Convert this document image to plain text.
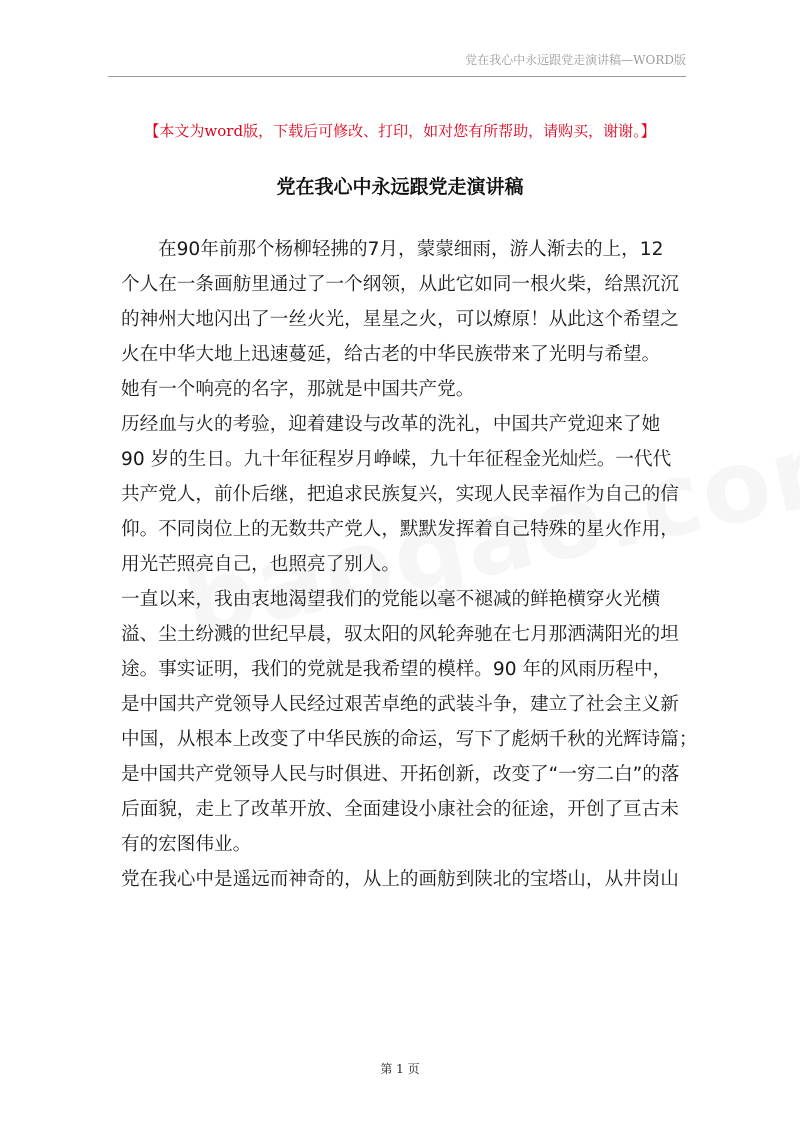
党在我心中永远跟党走演讲稿—WORD版
【本文为word版，下载后可修改、打印，如对您有所帮助，请购买，谢谢。】
党在我心中永远跟党走演讲稿

在90年前那个杨柳轻拂的7月，蒙蒙细雨，游人渐去的上，12
个人在一条画舫里通过了一个纲领，从此它如同一根火柴，给黑沉沉
的神州大地闪出了一丝火光，星星之火，可以燎原！从此这个希望之
火在中华大地上迅速蔓延，给古老的中华民族带来了光明与希望。
她有一个响亮的名字，那就是中国共产党。

历经血与火的考验，迎着建设与改革的洗礼，中国共产党迎来了她
90 岁的生日。九十年征程岁月峥嵘，九十年征程金光灿烂。一代代
共产党人，前仆后继，把追求民族复兴，实现人民幸福作为自己的信
仰。不同岗位上的无数共产党人，默默发挥着自己特殊的星火作用，
用光芒照亮自己，也照亮了别人。

一直以来，我由衷地渴望我们的党能以毫不褪减的鲜艳横穿火光横
溢、尘土纷溅的世纪早晨，驭太阳的风轮奔驰在七月那洒满阳光的坦
途。事实证明，我们的党就是我希望的模样。90 年的风雨历程中，
是中国共产党领导人民经过艰苦卓绝的武装斗争，建立了社会主义新
中国，从根本上改变了中华民族的命运，写下了彪炳千秋的光辉诗篇；
是中国共产党领导人民与时俱进、开拓创新，改变了“一穷二白”的落
后面貌，走上了改革开放、全面建设小康社会的征途，开创了亘古未
有的宏图伟业。

党在我心中是遥远而神奇的，从上的画舫到陕北的宝塔山，从井岗山

第 1 页
